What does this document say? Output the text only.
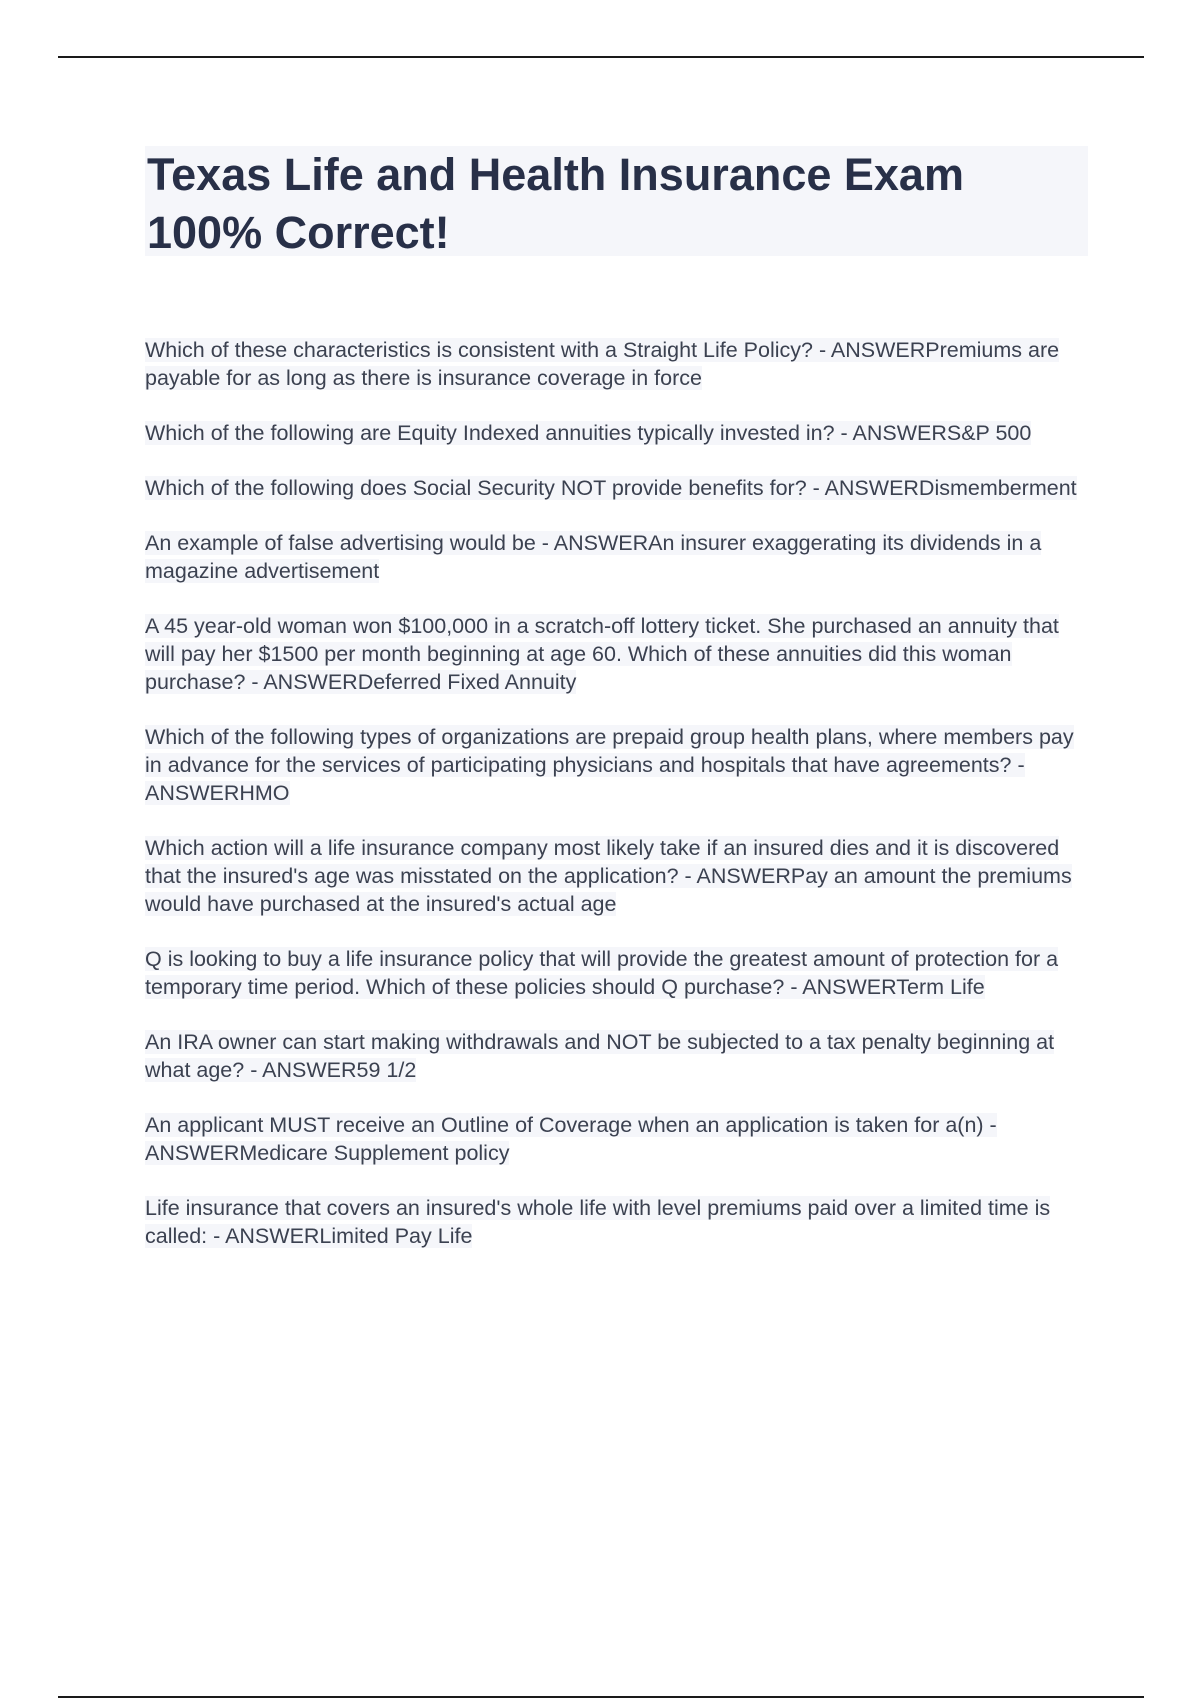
Texas Life and Health Insurance Exam 100% Correct!

Which of these characteristics is consistent with a Straight Life Policy? - ANSWERPremiums are payable for as long as there is insurance coverage in force

Which of the following are Equity Indexed annuities typically invested in? - ANSWERS&P 500

Which of the following does Social Security NOT provide benefits for? - ANSWERDismemberment

An example of false advertising would be - ANSWERAn insurer exaggerating its dividends in a magazine advertisement

A 45 year-old woman won $100,000 in a scratch-off lottery ticket. She purchased an annuity that will pay her $1500 per month beginning at age 60. Which of these annuities did this woman purchase? - ANSWERDeferred Fixed Annuity

Which of the following types of organizations are prepaid group health plans, where members pay in advance for the services of participating physicians and hospitals that have agreements? - ANSWERHMO

Which action will a life insurance company most likely take if an insured dies and it is discovered that the insured's age was misstated on the application? - ANSWERPay an amount the premiums would have purchased at the insured's actual age

Q is looking to buy a life insurance policy that will provide the greatest amount of protection for a temporary time period. Which of these policies should Q purchase? - ANSWERTerm Life

An IRA owner can start making withdrawals and NOT be subjected to a tax penalty beginning at what age? - ANSWER59 1/2

An applicant MUST receive an Outline of Coverage when an application is taken for a(n) - ANSWERMedicare Supplement policy

Life insurance that covers an insured's whole life with level premiums paid over a limited time is called: - ANSWERLimited Pay Life
